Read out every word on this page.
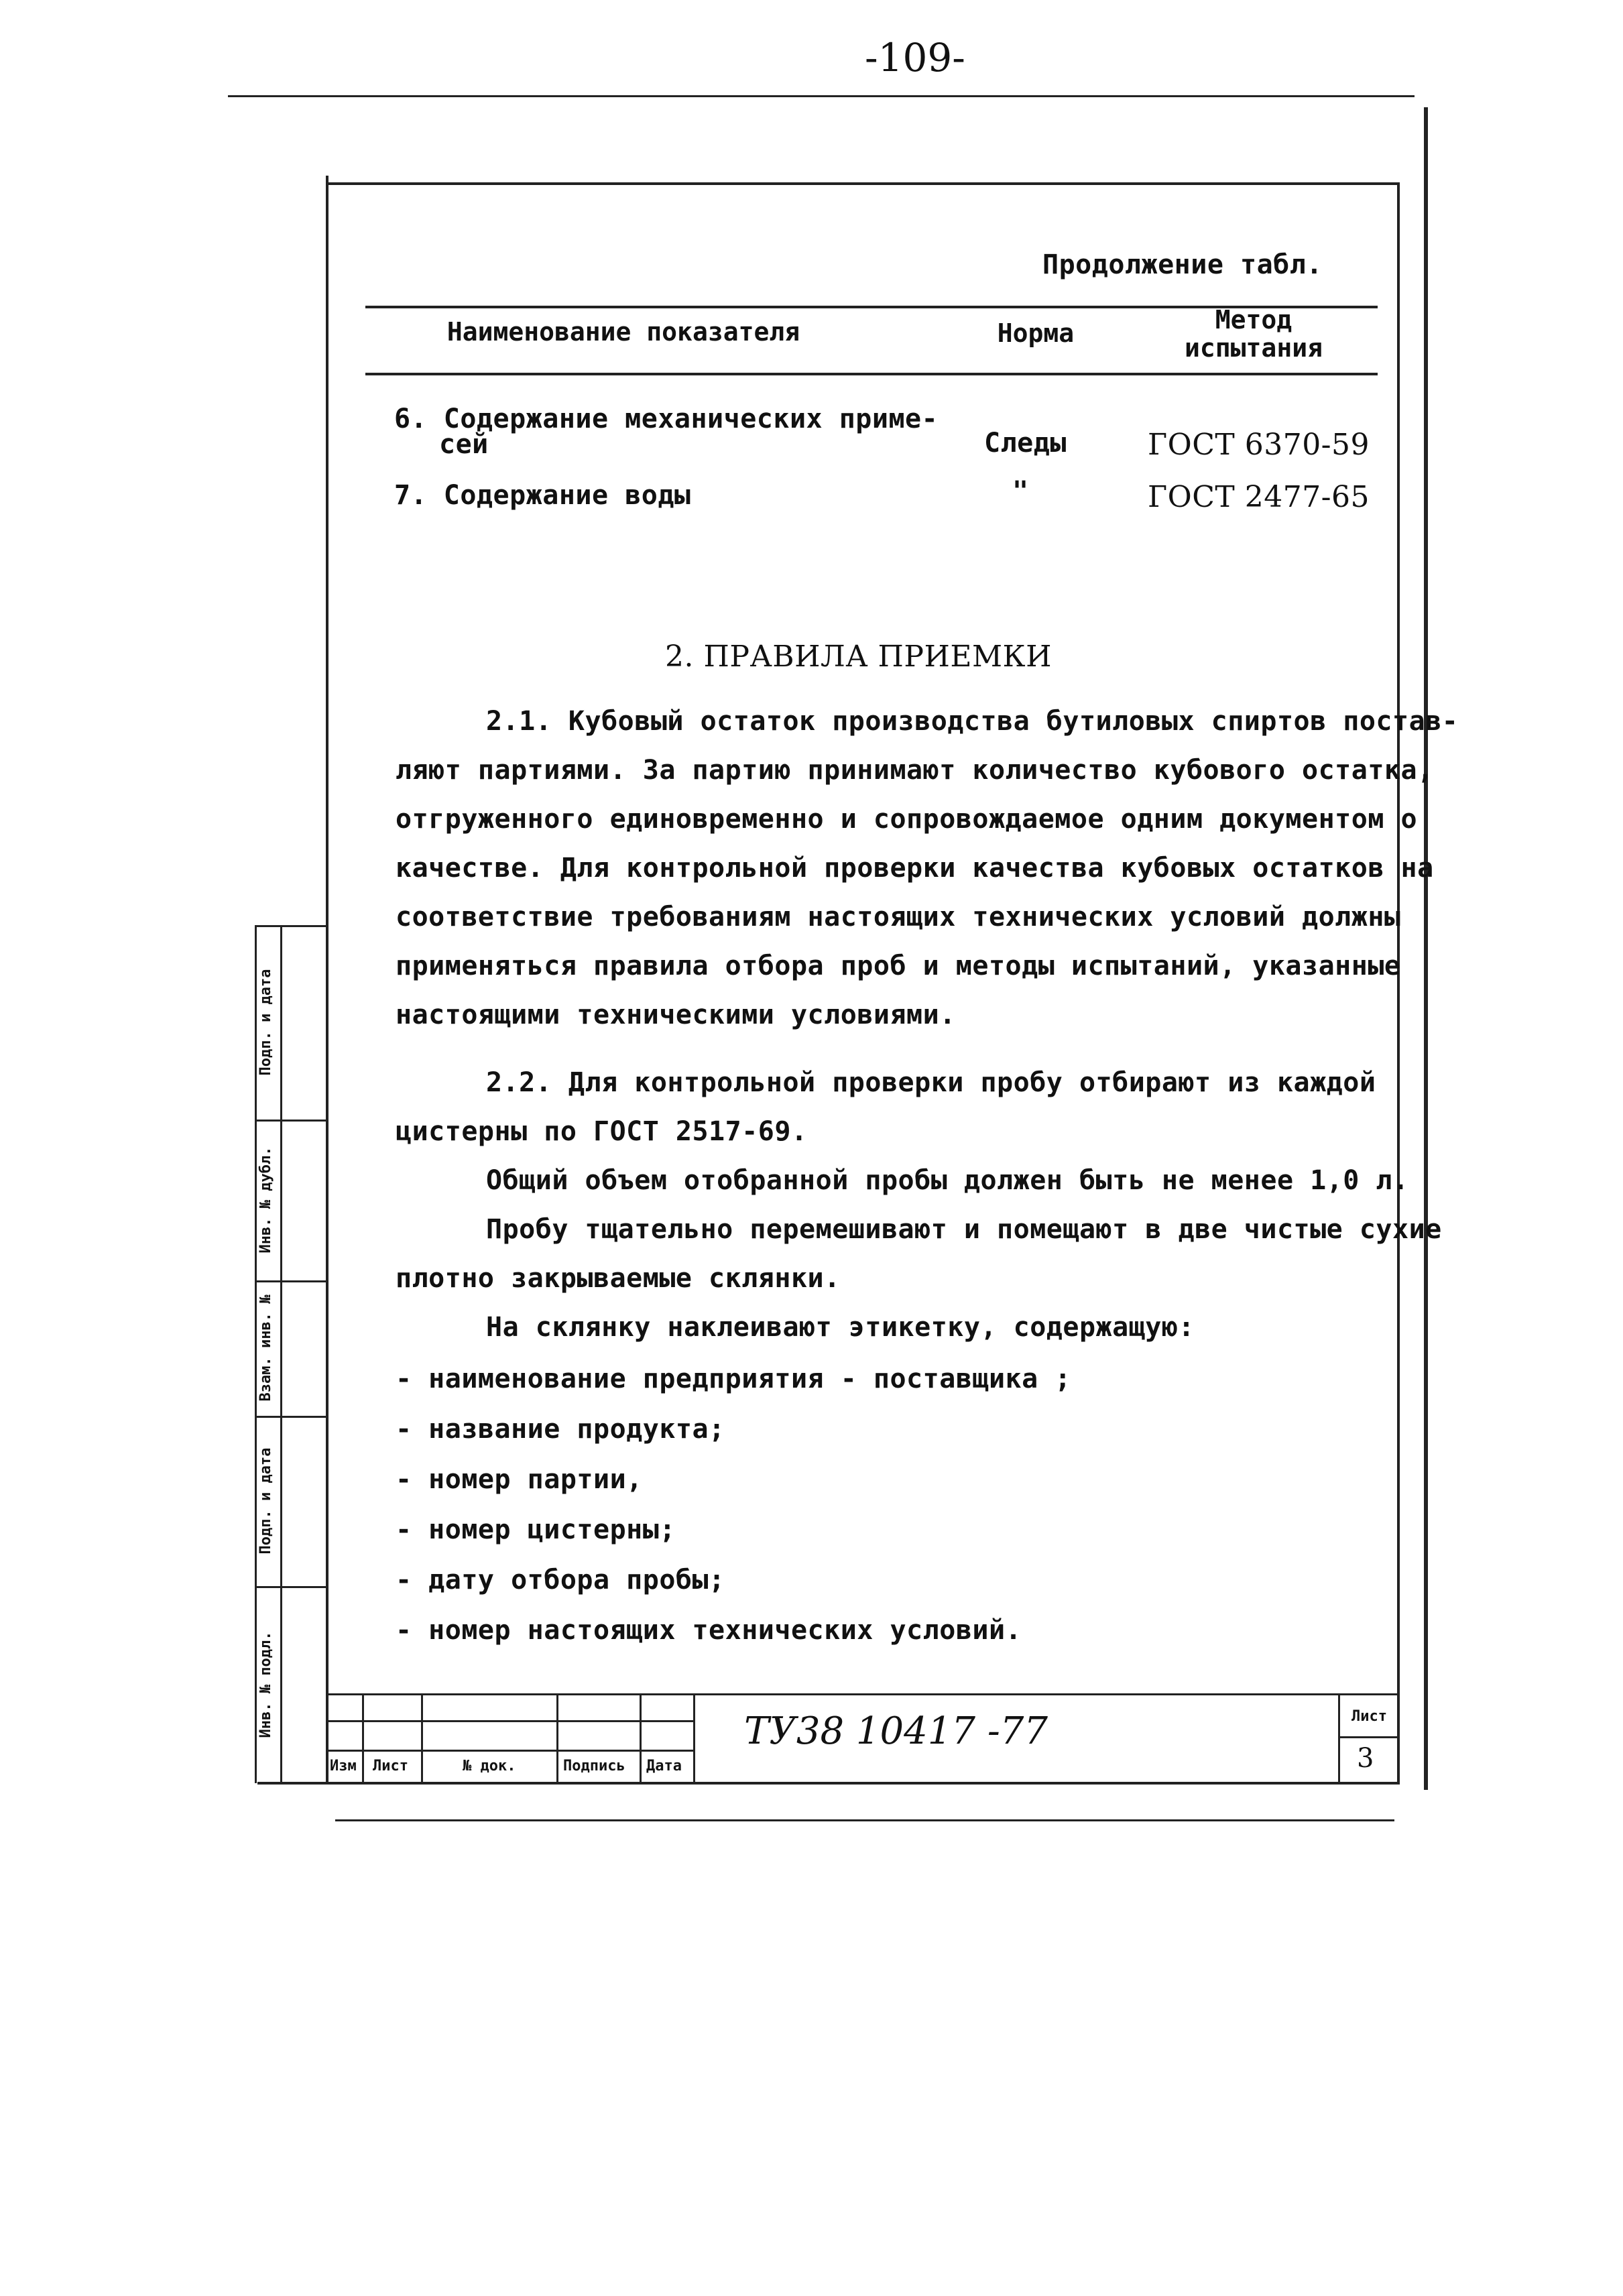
-109-
Продолжение табл.
Наименование показателя	Норма	Метод
испытания
6. Содержание механических приме-
сей	Следы	ГОСТ 6370-59
7. Содержание воды	"	ГОСТ 2477-65
2. ПРАВИЛА ПРИЕМКИ
2.1. Кубовый остаток производства бутиловых спиртов постав-
ляют партиями. За партию принимают количество кубового остатка,
отгруженного единовременно и сопровождаемое одним документом о
качестве. Для контрольной проверки качества кубовых остатков на
соответствие требованиям настоящих технических условий должны
применяться правила отбора проб и методы испытаний, указанные
настоящими техническими условиями.
2.2. Для контрольной проверки пробу отбирают из каждой
цистерны по ГОСТ 2517-69.
Общий объем отобранной пробы должен быть не менее 1,0 л.
Пробу тщательно перемешивают и помещают в две чистые сухие
плотно закрываемые склянки.
На склянку наклеивают этикетку, содержащую:
- наименование предприятия - поставщика ;
- название продукта;
- номер партии,
- номер цистерны;
- дату отбора пробы;
- номер настоящих технических условий.
Подп. и дата
Инв. № дубл.
Взам. инв. №
Подп. и дата
Инв. № подл.
Изм Лист	№ док.	Подпись Дата
ТУ38 10417 -77	Лист
3
